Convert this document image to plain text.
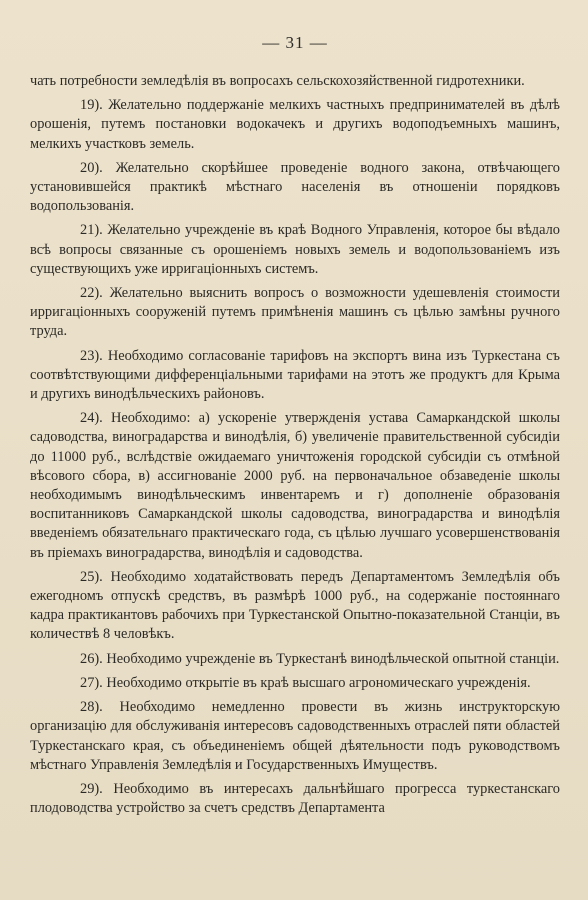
— 31 —

чать потребности земледѣлія въ вопросахъ сельскохозяйственной гидротехники.

19). Желательно поддержаніе мелкихъ частныхъ предпринимателей въ дѣлѣ орошенія, путемъ постановки водокачекъ и другихъ водоподъемныхъ машинъ, мелкихъ участковъ земель.

20). Желательно скорѣйшее проведеніе водного закона, отвѣчающего установившейся практикѣ мѣстнаго населенія въ отношеніи порядковъ водопользованія.

21). Желательно учрежденіе въ краѣ Водного Управленія, которое бы вѣдало всѣ вопросы связанные съ орошеніемъ новыхъ земель и водопользованіемъ изъ существующихъ уже ирригаціонныхъ системъ.

22). Желательно выяснить вопросъ о возможности удешевленія стоимости ирригаціонныхъ сооруженій путемъ примѣненія машинъ съ цѣлью замѣны ручного труда.

23). Необходимо согласованіе тарифовъ на экспортъ вина изъ Туркестана съ соотвѣтствующими дифференціальными тарифами на этотъ же продуктъ для Крыма и другихъ винодѣльческихъ районовъ.

24). Необходимо: а) ускореніе утвержденія устава Самаркандской школы садоводства, виноградарства и винодѣлія, б) увеличеніе правительственной субсидіи до 11000 руб., вслѣдствіе ожидаемаго уничтоженія городской субсидіи съ отмѣной вѣсового сбора, в) ассигнованіе 2000 руб. на первоначальное обзаведеніе школы необходимымъ винодѣльческимъ инвентаремъ и г) дополненіе образованія воспитанниковъ Самаркандской школы садоводства, виноградарства и винодѣлія введеніемъ обязательнаго практическаго года, съ цѣлью лучшаго усовершенствованія въ пріемахъ виноградарства, винодѣлія и садоводства.

25). Необходимо ходатайствовать передъ Департаментомъ Земледѣлія объ ежегодномъ отпускѣ средствъ, въ размѣрѣ 1000 руб., на содержаніе постояннаго кадра практикантовъ рабочихъ при Туркестанской Опытно-показательной Станціи, въ количествѣ 8 человѣкъ.

26). Необходимо учрежденіе въ Туркестанѣ винодѣльческой опытной станціи.

27). Необходимо открытіе въ краѣ высшаго агрономическаго учрежденія.

28). Необходимо немедленно провести въ жизнь инструкторскую организацію для обслуживанія интересовъ садоводственныхъ отраслей пяти областей Туркестанскаго края, съ объединеніемъ общей дѣятельности подъ руководствомъ мѣстнаго Управленія Земледѣлія и Государственныхъ Имуществъ.

29). Необходимо въ интересахъ дальнѣйшаго прогресса туркестанскаго плодоводства устройство за счетъ средствъ Департамента
